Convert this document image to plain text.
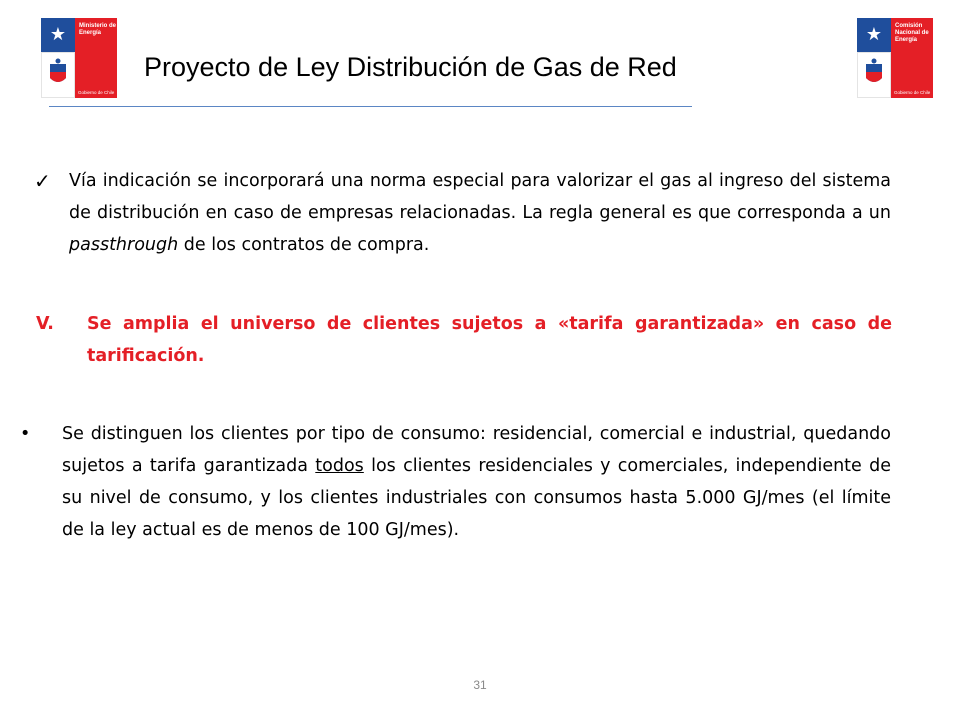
★	Ministerio de Energía
Gobierno de Chile
Proyecto de Ley Distribución de Gas de Red
★	Comisión Nacional de Energía
Gobierno de Chile
✓ Vía indicación se incorporará una norma especial para valorizar el gas al ingreso del sistema de distribución en caso de empresas relacionadas. La regla general es que corresponda a un passthrough de los contratos de compra.
V. Se amplia el universo de clientes sujetos a «tarifa garantizada» en caso de tarificación.
• Se distinguen los clientes por tipo de consumo: residencial, comercial e industrial, quedando sujetos a tarifa garantizada todos los clientes residenciales y comerciales, independiente de su nivel de consumo, y los clientes industriales con consumos hasta 5.000 GJ/mes (el límite de la ley actual es de menos de 100 GJ/mes).
31
